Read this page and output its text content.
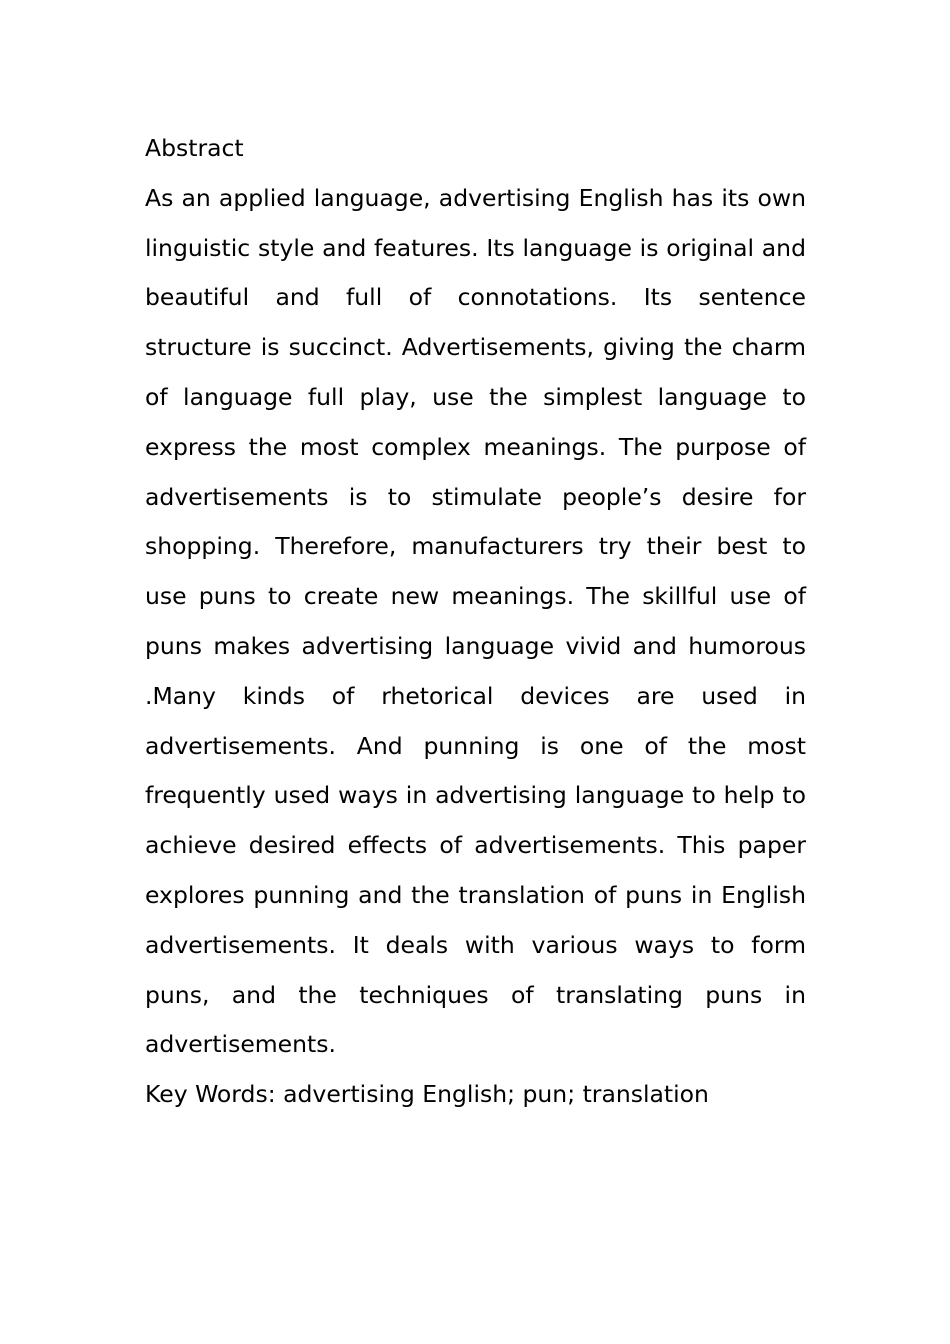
Abstract

As an applied language, advertising English has its own linguistic style and features. Its language is original and beautiful and full of connotations. Its sentence structure is succinct. Advertisements, giving the charm of language full play, use the simplest language to express the most complex meanings. The purpose of advertisements is to stimulate people’s desire for shopping. Therefore, manufacturers try their best to use puns to create new meanings. The skillful use of puns makes advertising language vivid and humorous .Many kinds of rhetorical devices are used in advertisements. And punning is one of the most frequently used ways in advertising language to help to achieve desired effects of advertisements. This paper explores punning and the translation of puns in English advertisements. It deals with various ways to form puns, and the techniques of translating puns in advertisements.

Key Words: advertising English; pun; translation
